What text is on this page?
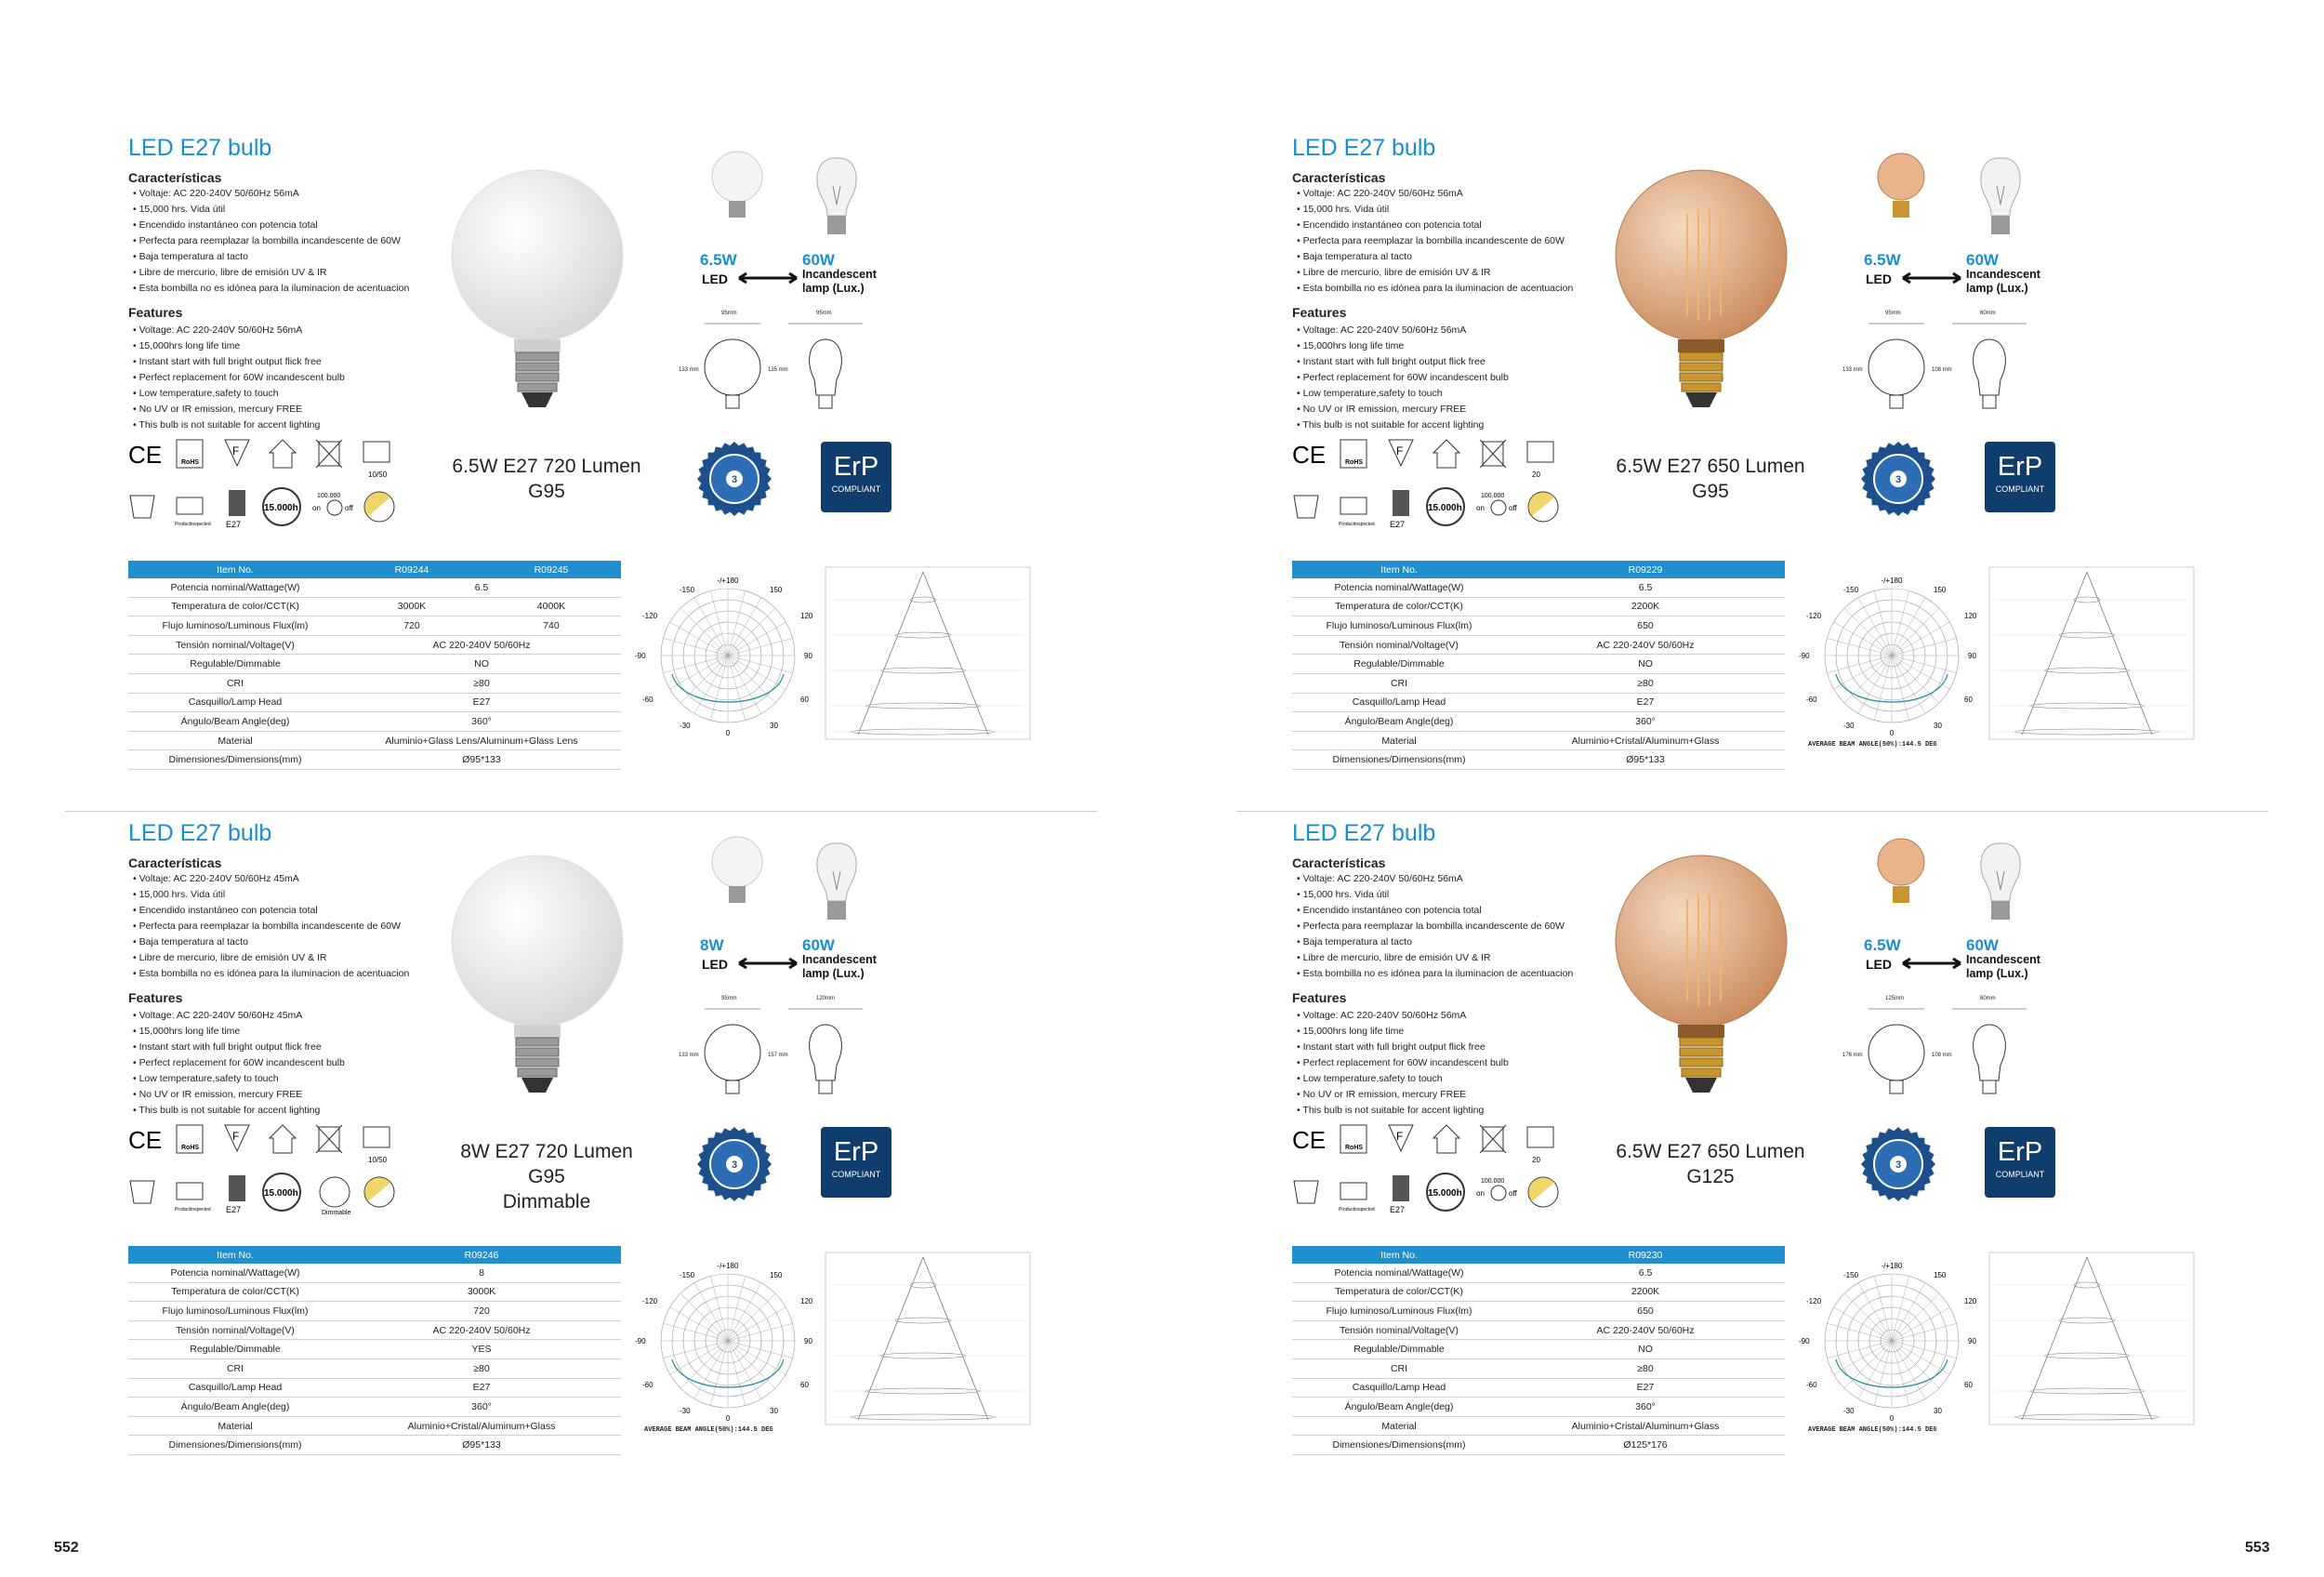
LED E27 bulb
Características
• Voltaje: AC 220-240V 50/60Hz 56mA
• 15,000 hrs. Vida útil
• Encendido instantáneo con potencia total
• Perfecta para reemplazar la bombilla incandescente de 60W
• Baja temperatura al tacto
• Libre de mercurio, libre de emisión UV & IR
• Esta bombilla no es idónea para la iluminacion de acentuacion
Features
• Voltage: AC 220-240V 50/60Hz 56mA
• 15,000hrs long life time
• Instant start with full bright output flick free
• Perfect replacement for 60W incandescent bulb
• Low temperature,safety to touch
• No UV or IR emission, mercury FREE
• This bulb is not suitable for accent lighting
6.5W
LED
60W
Incandescent
lamp (Lux.)
95mm
133 mm
95mm
135 mm
CE	RoHS
F
10/50
Productinspected E27
15.000h
100.000
on	off
6.5W E27 720 Lumen
G95
3	ErP
COMPLIANT
Item No.	R09244	R09245
Potencia nominal/Wattage(W)	6.5	
Temperatura de color/CCT(K)	3000K	4000K
Flujo luminoso/Luminous Flux(lm)	720	740
Tensión nominal/Voltage(V)	AC 220-240V 50/60Hz	
Regulable/Dimmable	NO	
CRI	≥80	
Casquillo/Lamp Head	E27	
Ángulo/Beam Angle(deg)	360°	
Material	Aluminio+Glass Lens/Aluminum+Glass Lens	
Dimensiones/Dimensions(mm)	Ø95*133	
-/+180
-150	150
-120	120
-90	90
-60	60
-30	30
0
LED E27 bulb
Características
• Voltaje: AC 220-240V 50/60Hz 56mA
• 15,000 hrs. Vida útil
• Encendido instantáneo con potencia total
• Perfecta para reemplazar la bombilla incandescente de 60W
• Baja temperatura al tacto
• Libre de mercurio, libre de emisión UV & IR
• Esta bombilla no es idónea para la iluminacion de acentuacion
Features
• Voltage: AC 220-240V 50/60Hz 56mA
• 15,000hrs long life time
• Instant start with full bright output flick free
• Perfect replacement for 60W incandescent bulb
• Low temperature,safety to touch
• No UV or IR emission, mercury FREE
• This bulb is not suitable for accent lighting
6.5W
LED
60W
Incandescent
lamp (Lux.)
95mm
133 mm
60mm
108 mm
CE	RoHS
F
20
Productinspected E27
15.000h
100.000
on	off
6.5W E27 650 Lumen
G95
3	ErP
COMPLIANT
Item No.	R09229
Potencia nominal/Wattage(W)	6.5
Temperatura de color/CCT(K)	2200K
Flujo luminoso/Luminous Flux(lm)	650
Tensión nominal/Voltage(V)	AC 220-240V 50/60Hz
Regulable/Dimmable	NO
CRI	≥80
Casquillo/Lamp Head	E27
Ángulo/Beam Angle(deg)	360°
Material	Aluminio+Cristal/Aluminum+Glass
Dimensiones/Dimensions(mm)	Ø95*133
-/+180
-150	150
-120	120
-90	90
-60	60
-30	30
0
AVERAGE BEAM ANGLE(50%):144.5 DEG
LED E27 bulb
Características
• Voltaje: AC 220-240V 50/60Hz 45mA
• 15,000 hrs. Vida útil
• Encendido instantáneo con potencia total
• Perfecta para reemplazar la bombilla incandescente de 60W
• Baja temperatura al tacto
• Libre de mercurio, libre de emisión UV & IR
• Esta bombilla no es idónea para la iluminacion de acentuacion
Features
• Voltage: AC 220-240V 50/60Hz 45mA
• 15,000hrs long life time
• Instant start with full bright output flick free
• Perfect replacement for 60W incandescent bulb
• Low temperature,safety to touch
• No UV or IR emission, mercury FREE
• This bulb is not suitable for accent lighting
8W
LED
60W
Incandescent
lamp (Lux.)
95mm
133 mm
120mm
157 mm
CE	RoHS
F
10/50
Productinspected E27
15.000h
Dimmable
8W E27 720 Lumen
G95
Dimmable
3	ErP
COMPLIANT
Item No.	R09246
Potencia nominal/Wattage(W)	8
Temperatura de color/CCT(K)	3000K
Flujo luminoso/Luminous Flux(lm)	720
Tensión nominal/Voltage(V)	AC 220-240V 50/60Hz
Regulable/Dimmable	YES
CRI	≥80
Casquillo/Lamp Head	E27
Ángulo/Beam Angle(deg)	360°
Material	Aluminio+Cristal/Aluminum+Glass
Dimensiones/Dimensions(mm)	Ø95*133
-/+180
-150	150
-120	120
-90	90
-60	60
-30	30
0
AVERAGE BEAM ANGLE(50%):144.5 DEG
LED E27 bulb
Características
• Voltaje: AC 220-240V 50/60Hz 56mA
• 15,000 hrs. Vida útil
• Encendido instantáneo con potencia total
• Perfecta para reemplazar la bombilla incandescente de 60W
• Baja temperatura al tacto
• Libre de mercurio, libre de emisión UV & IR
• Esta bombilla no es idónea para la iluminacion de acentuacion
Features
• Voltage: AC 220-240V 50/60Hz 56mA
• 15,000hrs long life time
• Instant start with full bright output flick free
• Perfect replacement for 60W incandescent bulb
• Low temperature,safety to touch
• No UV or IR emission, mercury FREE
• This bulb is not suitable for accent lighting
6.5W
LED
60W
Incandescent
lamp (Lux.)
125mm
176 mm
60mm
108 mm
CE	RoHS
F
20
Productinspected E27
15.000h
100.000
on	off
6.5W E27 650 Lumen
G125
3	ErP
COMPLIANT
Item No.	R09230
Potencia nominal/Wattage(W)	6.5
Temperatura de color/CCT(K)	2200K
Flujo luminoso/Luminous Flux(lm)	650
Tensión nominal/Voltage(V)	AC 220-240V 50/60Hz
Regulable/Dimmable	NO
CRI	≥80
Casquillo/Lamp Head	E27
Ángulo/Beam Angle(deg)	360°
Material	Aluminio+Cristal/Aluminum+Glass
Dimensiones/Dimensions(mm)	Ø125*176
-/+180
-150	150
-120	120
-90	90
-60	60
-30	30
0
AVERAGE BEAM ANGLE(50%):144.5 DEG
552	553
